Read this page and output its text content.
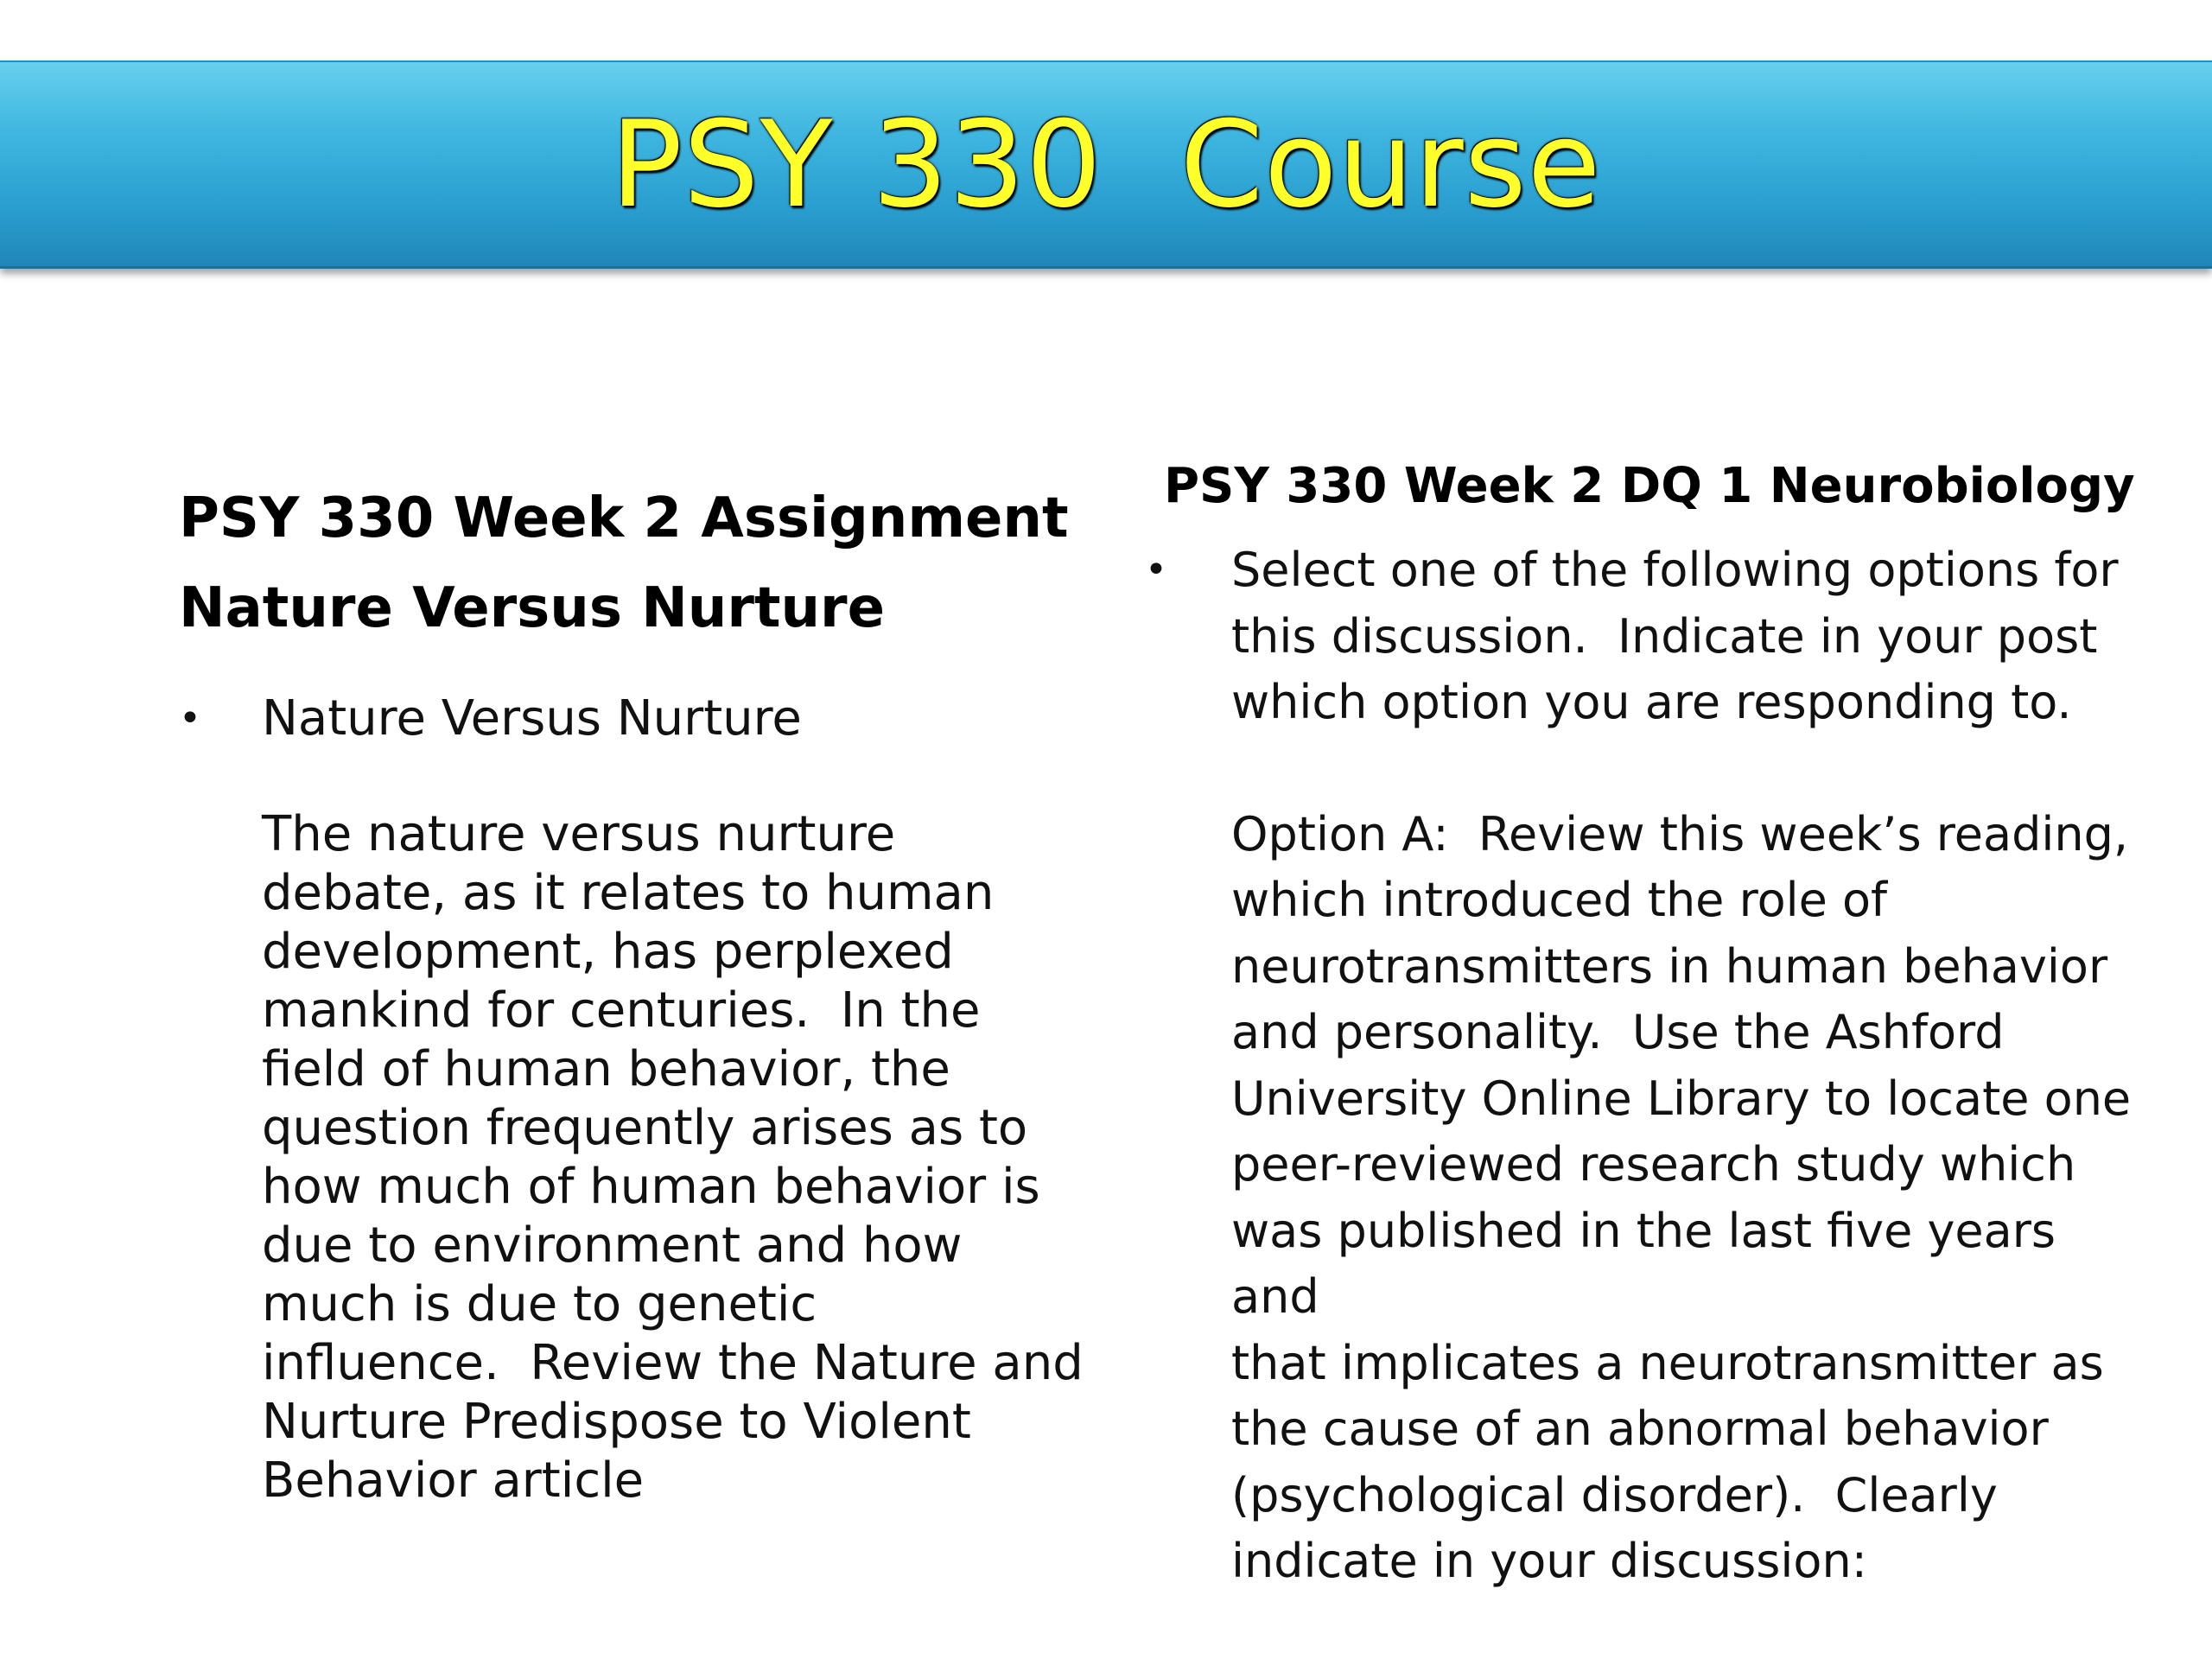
PSY 330  Course
PSY 330 Week 2 Assignment
Nature Versus Nurture
•	Nature Versus Nurture
The nature versus nurture
debate, as it relates to human
development, has perplexed
mankind for centuries.  In the
field of human behavior, the
question frequently arises as to
how much of human behavior is
due to environment and how
much is due to genetic
influence.  Review the Nature and
Nurture Predispose to Violent
Behavior article
PSY 330 Week 2 DQ 1 Neurobiology
•	Select one of the following options for
this discussion.  Indicate in your post
which option you are responding to.
Option A:  Review this week’s reading,
which introduced the role of
neurotransmitters in human behavior
and personality.  Use the Ashford
University Online Library to locate one
peer-reviewed research study which
was published in the last five years and
that implicates a neurotransmitter as
the cause of an abnormal behavior
(psychological disorder).  Clearly
indicate in your discussion:
